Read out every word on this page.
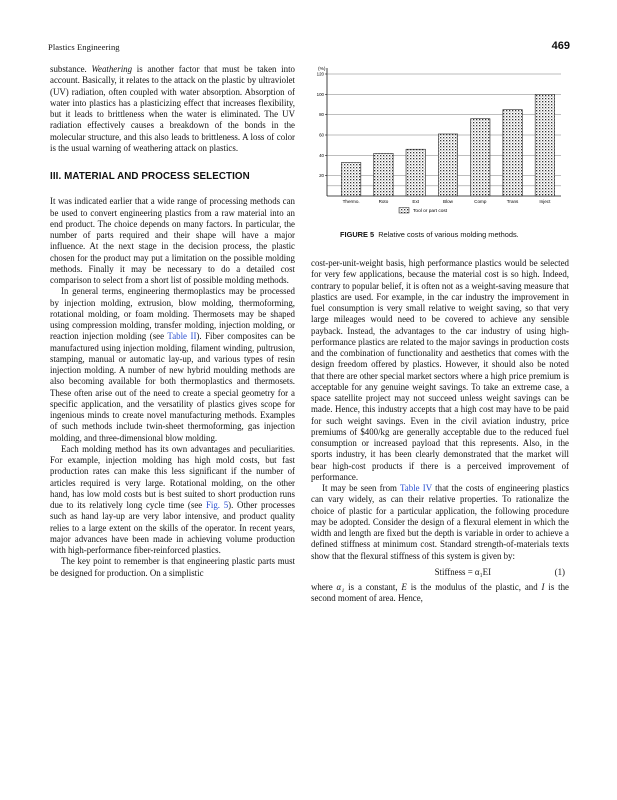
Plastics Engineering	469

substance. Weathering is another factor that must be taken into account. Basically, it relates to the attack on the plastic by ultraviolet (UV) radiation, often coupled with water absorption. Absorption of water into plastics has a plasticizing effect that increases flexibility, but it leads to brittleness when the water is eliminated. The UV radiation effectively causes a breakdown of the bonds in the molecular structure, and this also leads to brittleness. A loss of color is the usual warning of weathering attack on plastics.

III. MATERIAL AND PROCESS SELECTION

It was indicated earlier that a wide range of processing methods can be used to convert engineering plastics from a raw material into an end product. The choice depends on many factors. In particular, the number of parts required and their shape will have a major influence. At the next stage in the decision process, the plastic chosen for the product may put a limitation on the possible molding methods. Finally it may be necessary to do a detailed cost comparison to select from a short list of possible molding methods.

In general terms, engineering thermoplastics may be processed by injection molding, extrusion, blow molding, thermoforming, rotational molding, or foam molding. Thermosets may be shaped using compression molding, transfer molding, injection molding, or reaction injection molding (see Table II). Fiber composites can be manufactured using injection molding, filament winding, pultrusion, stamping, manual or automatic lay-up, and various types of resin injection molding. A number of new hybrid moulding methods are also becoming available for both thermoplastics and thermosets. These often arise out of the need to create a special geometry for a specific application, and the versatility of plastics gives scope for ingenious minds to create novel manufacturing methods. Examples of such methods include twin-sheet thermoforming, gas injection molding, and three-dimensional blow molding.

Each molding method has its own advantages and peculiarities. For example, injection molding has high mold costs, but fast production rates can make this less significant if the number of articles required is very large. Rotational molding, on the other hand, has low mold costs but is best suited to short production runs due to its relatively long cycle time (see Fig. 5). Other processes such as hand lay-up are very labor intensive, and product quality relies to a large extent on the skills of the operator. In recent years, major advances have been made in achieving volume production with high-performance fiber-reinforced plastics.

The key point to remember is that engineering plastic parts must be designed for production. On a simplistic

(%)
20
40
60
80
100
120
Thermo.	Roto	Ext	Blow	Comp	Trans	Inject
Tool or part cost
FIGURE 5 Relative costs of various molding methods.

cost-per-unit-weight basis, high performance plastics would be selected for very few applications, because the material cost is so high. Indeed, contrary to popular belief, it is often not as a weight-saving measure that plastics are used. For example, in the car industry the improvement in fuel consumption is very small relative to weight saving, so that very large mileages would need to be covered to achieve any sensible payback. Instead, the advantages to the car industry of using high-performance plastics are related to the major savings in production costs and the combination of functionality and aesthetics that comes with the design freedom offered by plastics. However, it should also be noted that there are other special market sectors where a high price premium is acceptable for any genuine weight savings. To take an extreme case, a space satellite project may not succeed unless weight savings can be made. Hence, this industry accepts that a high cost may have to be paid for such weight savings. Even in the civil aviation industry, price premiums of $400/kg are generally acceptable due to the reduced fuel consumption or increased payload that this represents. Also, in the sports industry, it has been clearly demonstrated that the market will bear high-cost products if there is a perceived improvement of performance.

It may be seen from Table IV that the costs of engineering plastics can vary widely, as can their relative properties. To rationalize the choice of plastic for a particular application, the following procedure may be adopted. Consider the design of a flexural element in which the width and length are fixed but the depth is variable in order to achieve a defined stiffness at minimum cost. Standard strength-of-materials texts show that the flexural stiffness of this system is given by:

Stiffness = α₁EI	(1)

where α₁ is a constant, E is the modulus of the plastic, and I is the second moment of area. Hence,
